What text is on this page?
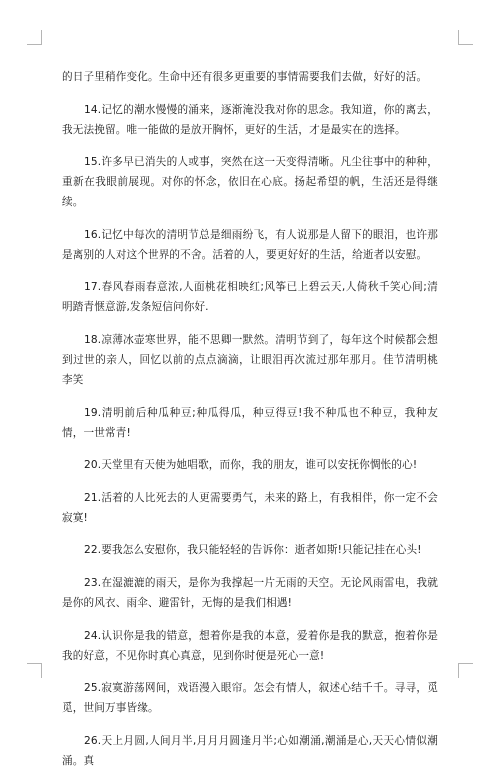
的日子里稍作变化。生命中还有很多更重要的事情需要我们去做，好好的活。

14.记忆的潮水慢慢的涌来，逐渐淹没我对你的思念。我知道，你的离去，我无法挽留。唯一能做的是放开胸怀，更好的生活，才是最实在的选择。

15.许多早已消失的人或事，突然在这一天变得清晰。凡尘往事中的种种，重新在我眼前展现。对你的怀念，依旧在心底。扬起希望的帆，生活还是得继续。

16.记忆中每次的清明节总是细雨纷飞，有人说那是人留下的眼泪，也许那是离别的人对这个世界的不舍。活着的人，要更好好的生活，给逝者以安慰。

17.春风春雨春意浓,人面桃花相映红;风筝已上碧云天,人倚秋千笑心间;清明踏青惬意游,发条短信问你好.

18.凉薄冰壶寒世界，能不思卿一默然。清明节到了，每年这个时候都会想到过世的亲人，回忆以前的点点滴滴，让眼泪再次流过那年那月。佳节清明桃李笑

19.清明前后种瓜种豆;种瓜得瓜，种豆得豆!我不种瓜也不种豆，我种友情，一世常青!

20.天堂里有天使为她唱歌，而你，我的朋友，谁可以安抚你惆怅的心!

21.活着的人比死去的人更需要勇气，未来的路上，有我相伴，你一定不会寂寞!

22.要我怎么安慰你，我只能轻轻的告诉你：逝者如斯!只能记挂在心头!

23.在湿漉漉的雨天，是你为我撑起一片无雨的天空。无论风雨雷电，我就是你的风衣、雨伞、避雷针，无悔的是我们相遇!

24.认识你是我的错意，想着你是我的本意，爱着你是我的默意，抱着你是我的好意，不见你时真心真意，见到你时便是死心一意!

25.寂寞游荡网间，戏语漫入眼帘。怎会有情人，叙述心结千千。寻寻，觅觅，世间万事皆缘。

26.天上月圆,人间月半,月月月圆逢月半;心如潮涌,潮涌是心,天天心情似潮涌。真
